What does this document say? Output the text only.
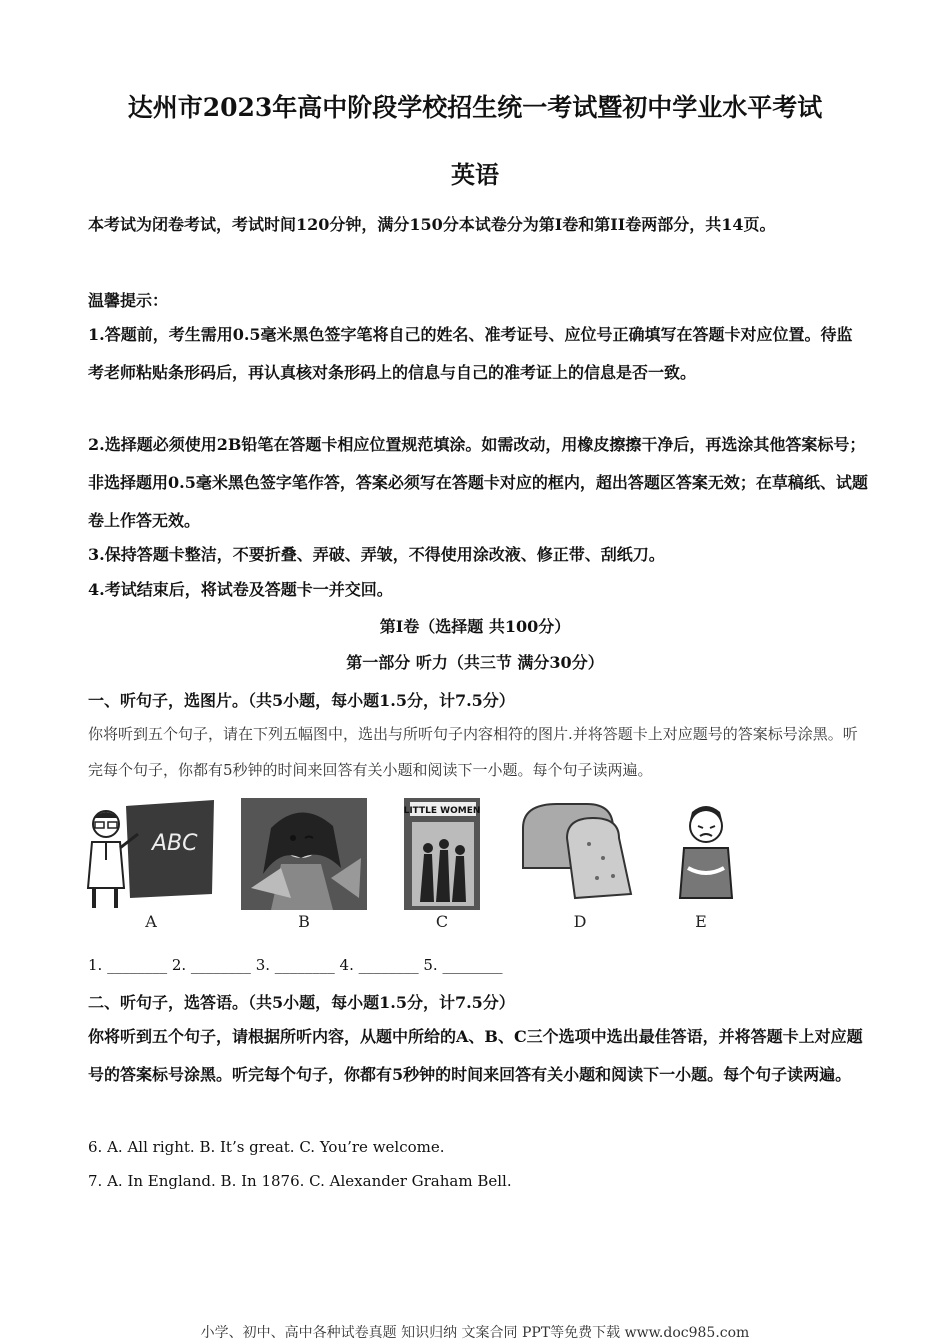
达州市2023年高中阶段学校招生统一考试暨初中学业水平考试
英语
本考试为闭卷考试，考试时间120分钟，满分150分本试卷分为第I卷和第II卷两部分，共14页。
温馨提示：
1.答题前，考生需用0.5毫米黑色签字笔将自己的姓名、准考证号、应位号正确填写在答题卡对应位置。待监考老师粘贴条形码后，再认真核对条形码上的信息与自己的准考证上的信息是否一致。
2.选择题必须使用2B铅笔在答题卡相应位置规范填涂。如需改动，用橡皮擦擦干净后，再选涂其他答案标号；非选择题用0.5毫米黑色签字笔作答，答案必须写在答题卡对应的框内，超出答题区答案无效；在草稿纸、试题卷上作答无效。
3.保持答题卡整洁，不要折叠、弄破、弄皱，不得使用涂改液、修正带、刮纸刀。
4.考试结束后，将试卷及答题卡一并交回。
第I卷（选择题 共100分）
第一部分 听力（共三节 满分30分）
一、听句子，选图片。（共5小题，每小题1.5分，计7.5分）
你将听到五个句子，请在下列五幅图中，选出与所听句子内容相符的图片.并将答题卡上对应题号的答案标号涂黑。听完每个句子，你都有5秒钟的时间来回答有关小题和阅读下一小题。每个句子读两遍。
ABC
A	B
LITTLE WOMEN
C	D	E
1. ________ 2. ________ 3. ________ 4. ________ 5. ________
二、听句子，选答语。（共5小题，每小题1.5分，计7.5分）
你将听到五个句子，请根据所听内容，从题中所给的A、B、C三个选项中选出最佳答语，并将答题卡上对应题号的答案标号涂黑。听完每个句子，你都有5秒钟的时间来回答有关小题和阅读下一小题。每个句子读两遍。
6. A. All right. B. It’s great. C. You’re welcome.
7. A. In England. B. In 1876. C. Alexander Graham Bell.
小学、初中、高中各种试卷真题 知识归纳 文案合同 PPT等免费下载 www.doc985.com
